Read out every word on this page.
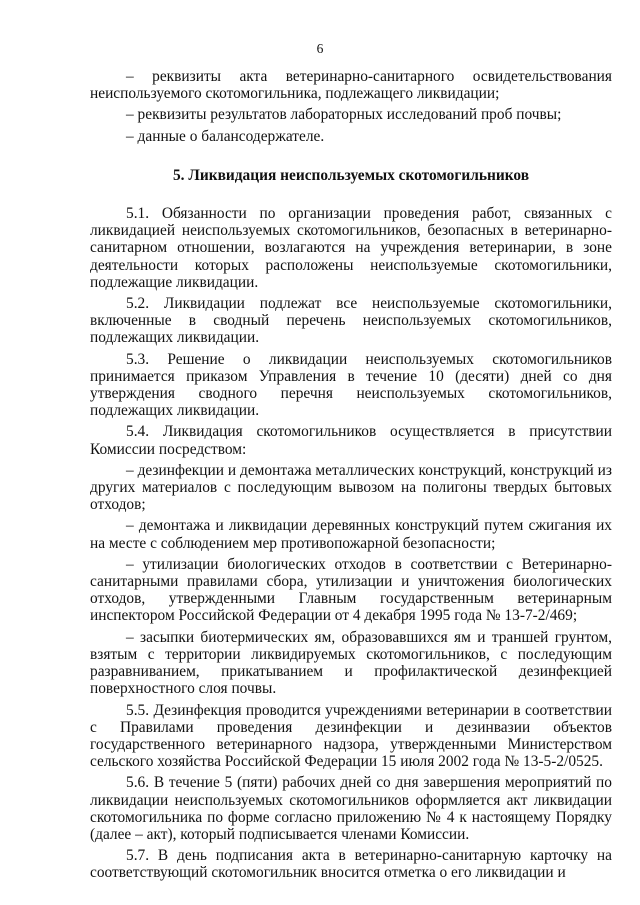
6

– реквизиты акта ветеринарно-санитарного освидетельствования неиспользуемого скотомогильника, подлежащего ликвидации;

– реквизиты результатов лабораторных исследований проб почвы;

– данные о балансодержателе.

5. Ликвидация неиспользуемых скотомогильников

5.1. Обязанности по организации проведения работ, связанных с ликвидацией неиспользуемых скотомогильников, безопасных в ветеринарно-санитарном отношении, возлагаются на учреждения ветеринарии, в зоне деятельности которых расположены неиспользуемые скотомогильники, подлежащие ликвидации.

5.2. Ликвидации подлежат все неиспользуемые скотомогильники, включенные в сводный перечень неиспользуемых скотомогильников, подлежащих ликвидации.

5.3. Решение о ликвидации неиспользуемых скотомогильников принимается приказом Управления в течение 10 (десяти) дней со дня утверждения сводного перечня неиспользуемых скотомогильников, подлежащих ликвидации.

5.4. Ликвидация скотомогильников осуществляется в присутствии Комиссии посредством:

– дезинфекции и демонтажа металлических конструкций, конструкций из других материалов с последующим вывозом на полигоны твердых бытовых отходов;

– демонтажа и ликвидации деревянных конструкций путем сжигания их на месте с соблюдением мер противопожарной безопасности;

– утилизации биологических отходов в соответствии с Ветеринарно-санитарными правилами сбора, утилизации и уничтожения биологических отходов, утвержденными Главным государственным ветеринарным инспектором Российской Федерации от 4 декабря 1995 года № 13-7-2/469;

– засыпки биотермических ям, образовавшихся ям и траншей грунтом, взятым с территории ликвидируемых скотомогильников, с последующим разравниванием, прикатыванием и профилактической дезинфекцией поверхностного слоя почвы.

5.5. Дезинфекция проводится учреждениями ветеринарии в соответствии с Правилами проведения дезинфекции и дезинвазии объектов государственного ветеринарного надзора, утвержденными Министерством сельского хозяйства Российской Федерации 15 июля 2002 года № 13-5-2/0525.

5.6. В течение 5 (пяти) рабочих дней со дня завершения мероприятий по ликвидации неиспользуемых скотомогильников оформляется акт ликвидации скотомогильника по форме согласно приложению № 4 к настоящему Порядку (далее – акт), который подписывается членами Комиссии.

5.7. В день подписания акта в ветеринарно-санитарную карточку на соответствующий скотомогильник вносится отметка о его ликвидации и
